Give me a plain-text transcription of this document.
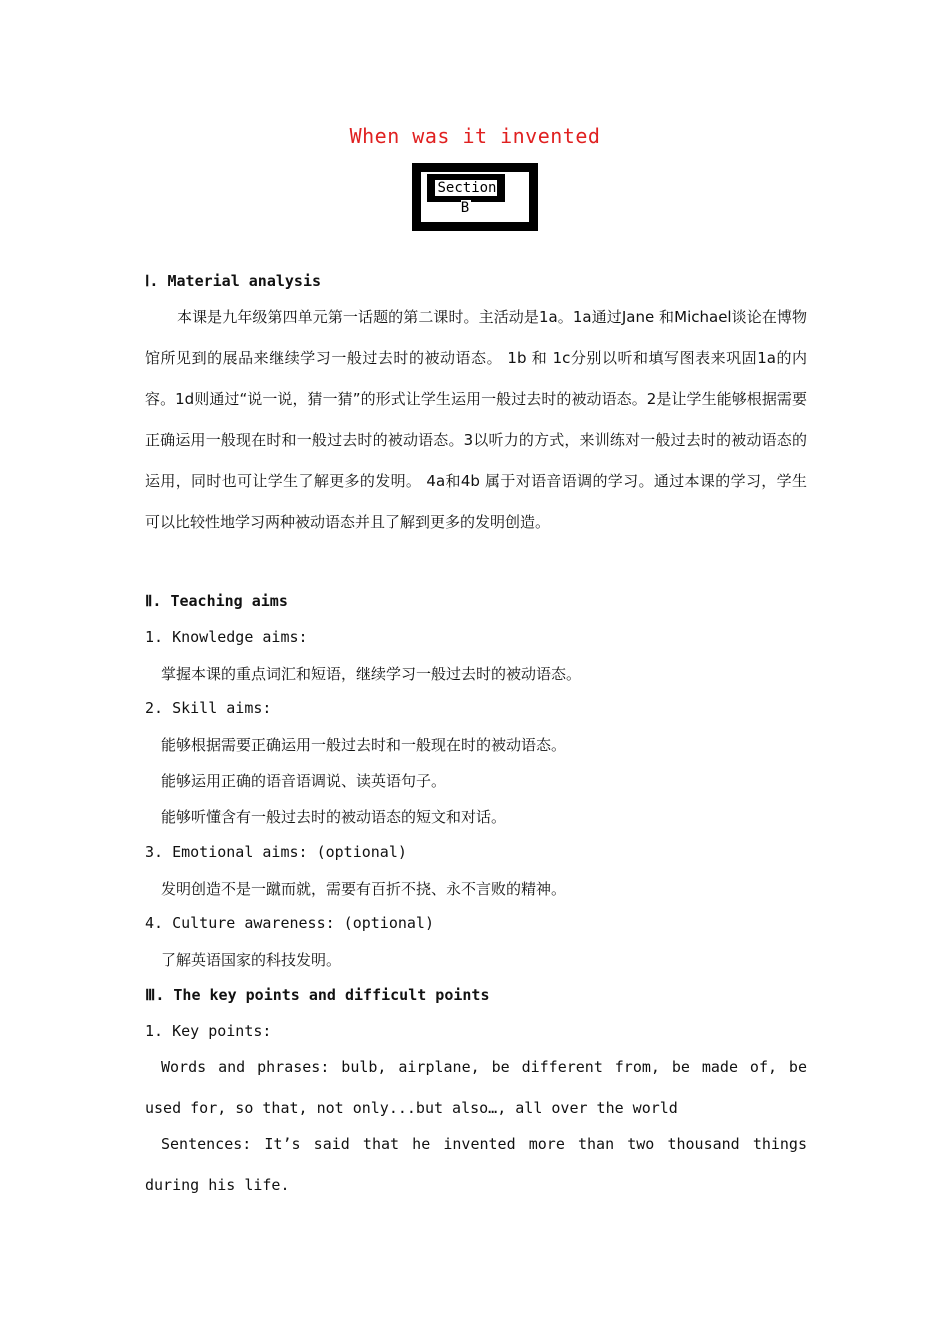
When was it invented
Section B
Ⅰ. Material analysis
本课是九年级第四单元第一话题的第二课时。主活动是1a。1a通过Jane 和Michael谈论在博物馆所见到的展品来继续学习一般过去时的被动语态。 1b 和 1c分别以听和填写图表来巩固1a的内容。1d则通过“说一说，猜一猜”的形式让学生运用一般过去时的被动语态。2是让学生能够根据需要正确运用一般现在时和一般过去时的被动语态。3以听力的方式，来训练对一般过去时的被动语态的运用，同时也可让学生了解更多的发明。 4a和4b 属于对语音语调的学习。通过本课的学习，学生可以比较性地学习两种被动语态并且了解到更多的发明创造。
Ⅱ. Teaching aims
1. Knowledge aims:
掌握本课的重点词汇和短语，继续学习一般过去时的被动语态。
2. Skill aims:
能够根据需要正确运用一般过去时和一般现在时的被动语态。
能够运用正确的语音语调说、读英语句子。
能够听懂含有一般过去时的被动语态的短文和对话。
3. Emotional aims: (optional)
发明创造不是一蹴而就，需要有百折不挠、永不言败的精神。
4. Culture awareness: (optional)
了解英语国家的科技发明。
Ⅲ. The key points and difficult points
1. Key points:
Words and phrases: bulb, airplane, be different from, be made of, be used for, so that, not only...but also…, all over the world
Sentences: It’s said that he invented more than two thousand things during his life.
